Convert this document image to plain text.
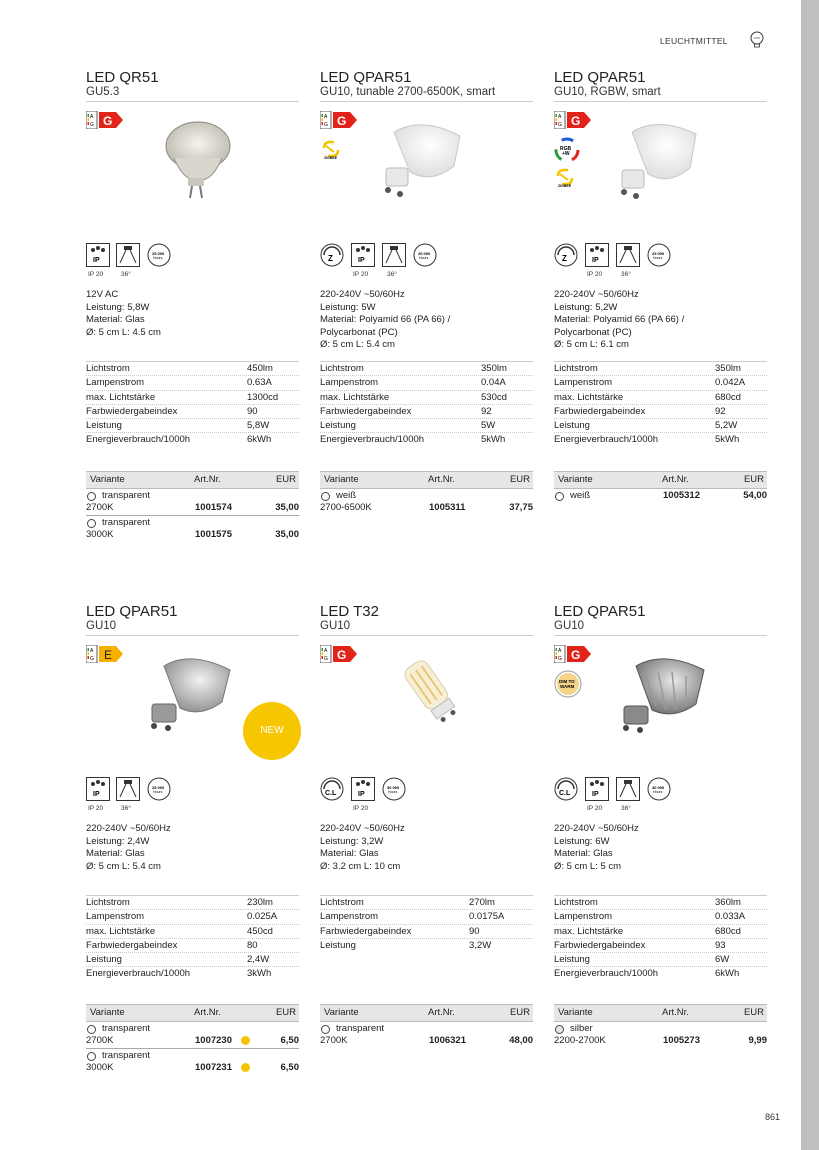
LEUCHTMITTEL
LED QR51
GU5.3
A
G G
IP
25 000
Hours
IP 20	36°
12V AC
Leistung: 5,8W
Material: Glas
Ø: 5 cm L: 4.5 cm
Lichtstrom	450lm
Lampenstrom	0.63A
max. Lichtstärke	1300cd
Farbwiedergabeindex	90
Leistung	5,8W
Energieverbrauch/1000h	6kWh
Variante	Art.Nr.	EUR
transparent
2700K	1001574	35,00
transparent
3000K	1001575	35,00
LED QPAR51
GU10, tunable 2700-6500K, smart
A
G G
ZIGBEE
Z	IP
25 000
Hours
IP 20	36°
220-240V ~50/60Hz
Leistung: 5W
Material: Polyamid 66 (PA 66) /
Polycarbonat (PC)
Ø: 5 cm L: 5.4 cm
Lichtstrom	350lm
Lampenstrom	0.04A
max. Lichtstärke	530cd
Farbwiedergabeindex	92
Leistung	5W
Energieverbrauch/1000h	5kWh
Variante	Art.Nr.	EUR
weiß
2700-6500K	1005311	37,75
LED QPAR51
GU10, RGBW, smart
A
G G
RGB
+W
ZIGBEE
Z	IP
25 000
Hours
IP 20	36°
220-240V ~50/60Hz
Leistung: 5,2W
Material: Polyamid 66 (PA 66) /
Polycarbonat (PC)
Ø: 5 cm L: 6.1 cm
Lichtstrom	350lm
Lampenstrom	0.042A
max. Lichtstärke	680cd
Farbwiedergabeindex	92
Leistung	5,2W
Energieverbrauch/1000h	5kWh
Variante	Art.Nr.	EUR
weiß	1005312	54,00
LED QPAR51
GU10
A
G E
NEW
IP
25 000
Hours
IP 20	36°
220-240V ~50/60Hz
Leistung: 2,4W
Material: Glas
Ø: 5 cm L: 5.4 cm
Lichtstrom	230lm
Lampenstrom	0.025A
max. Lichtstärke	450cd
Farbwiedergabeindex	80
Leistung	2,4W
Energieverbrauch/1000h	3kWh
Variante	Art.Nr.	EUR
transparent
2700K	1007230	6,50
transparent
3000K	1007231	6,50
LED T32
GU10
A
G G
C.L	IP
30 000
Hours
IP 20
220-240V ~50/60Hz
Leistung: 3,2W
Material: Glas
Ø: 3.2 cm L: 10 cm
Lichtstrom	270lm
Lampenstrom	0.0175A
Farbwiedergabeindex	90
Leistung	3,2W
Variante	Art.Nr.	EUR
transparent
2700K	1006321	48,00
LED QPAR51
GU10
A
G G
DIM TO
WARM
C.L	IP
40 000
Hours
IP 20	36°
220-240V ~50/60Hz
Leistung: 6W
Material: Glas
Ø: 5 cm L: 5 cm
Lichtstrom	360lm
Lampenstrom	0.033A
max. Lichtstärke	680cd
Farbwiedergabeindex	93
Leistung	6W
Energieverbrauch/1000h	6kWh
Variante	Art.Nr.	EUR
silber
2200-2700K	1005273	9,99
861
